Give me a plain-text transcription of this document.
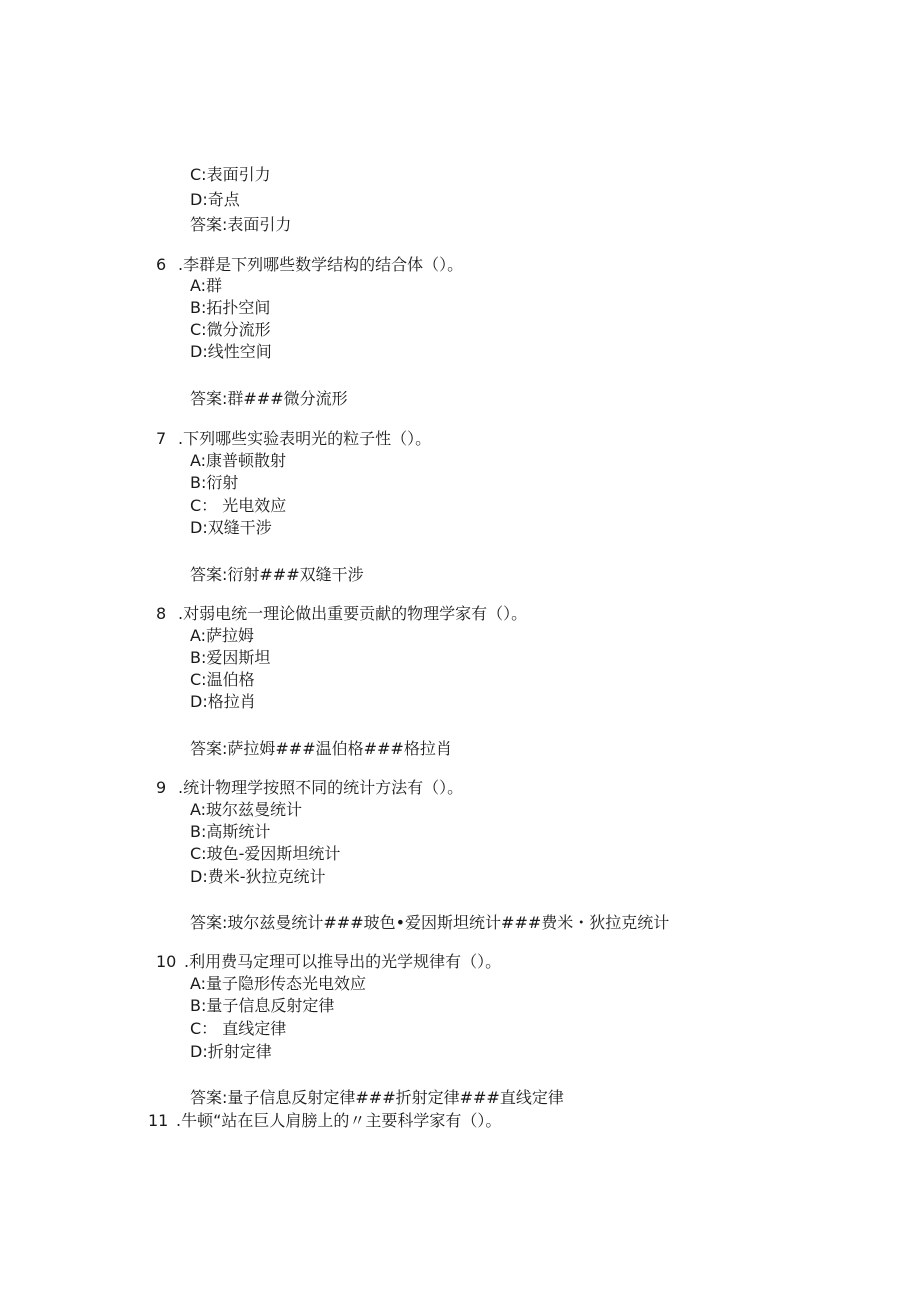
C:表面引力
D:奇点
答案:表面引力
6 .李群是下列哪些数学结构的结合体（）。
A:群
B:拓扑空间
C:微分流形
D:线性空间
答案:群###微分流形
7 .下列哪些实验表明光的粒子性（）。
A:康普顿散射
B:衍射
C： 光电效应
D:双缝干涉
答案:衍射###双缝干涉
8 .对弱电统一理论做出重要贡献的物理学家有（）。
A:萨拉姆
B:爱因斯坦
C:温伯格
D:格拉肖
答案:萨拉姆###温伯格###格拉肖
9 .统计物理学按照不同的统计方法有（）。
A:玻尔兹曼统计
B:高斯统计
C:玻色-爱因斯坦统计
D:费米-狄拉克统计
答案:玻尔兹曼统计###玻色•爱因斯坦统计###费米・狄拉克统计
10 .利用费马定理可以推导出的光学规律有（）。
A:量子隐形传态光电效应
B:量子信息反射定律
C： 直线定律
D:折射定律
答案:量子信息反射定律###折射定律###直线定律
11 .牛顿“站在巨人肩膀上的〃主要科学家有（）。
